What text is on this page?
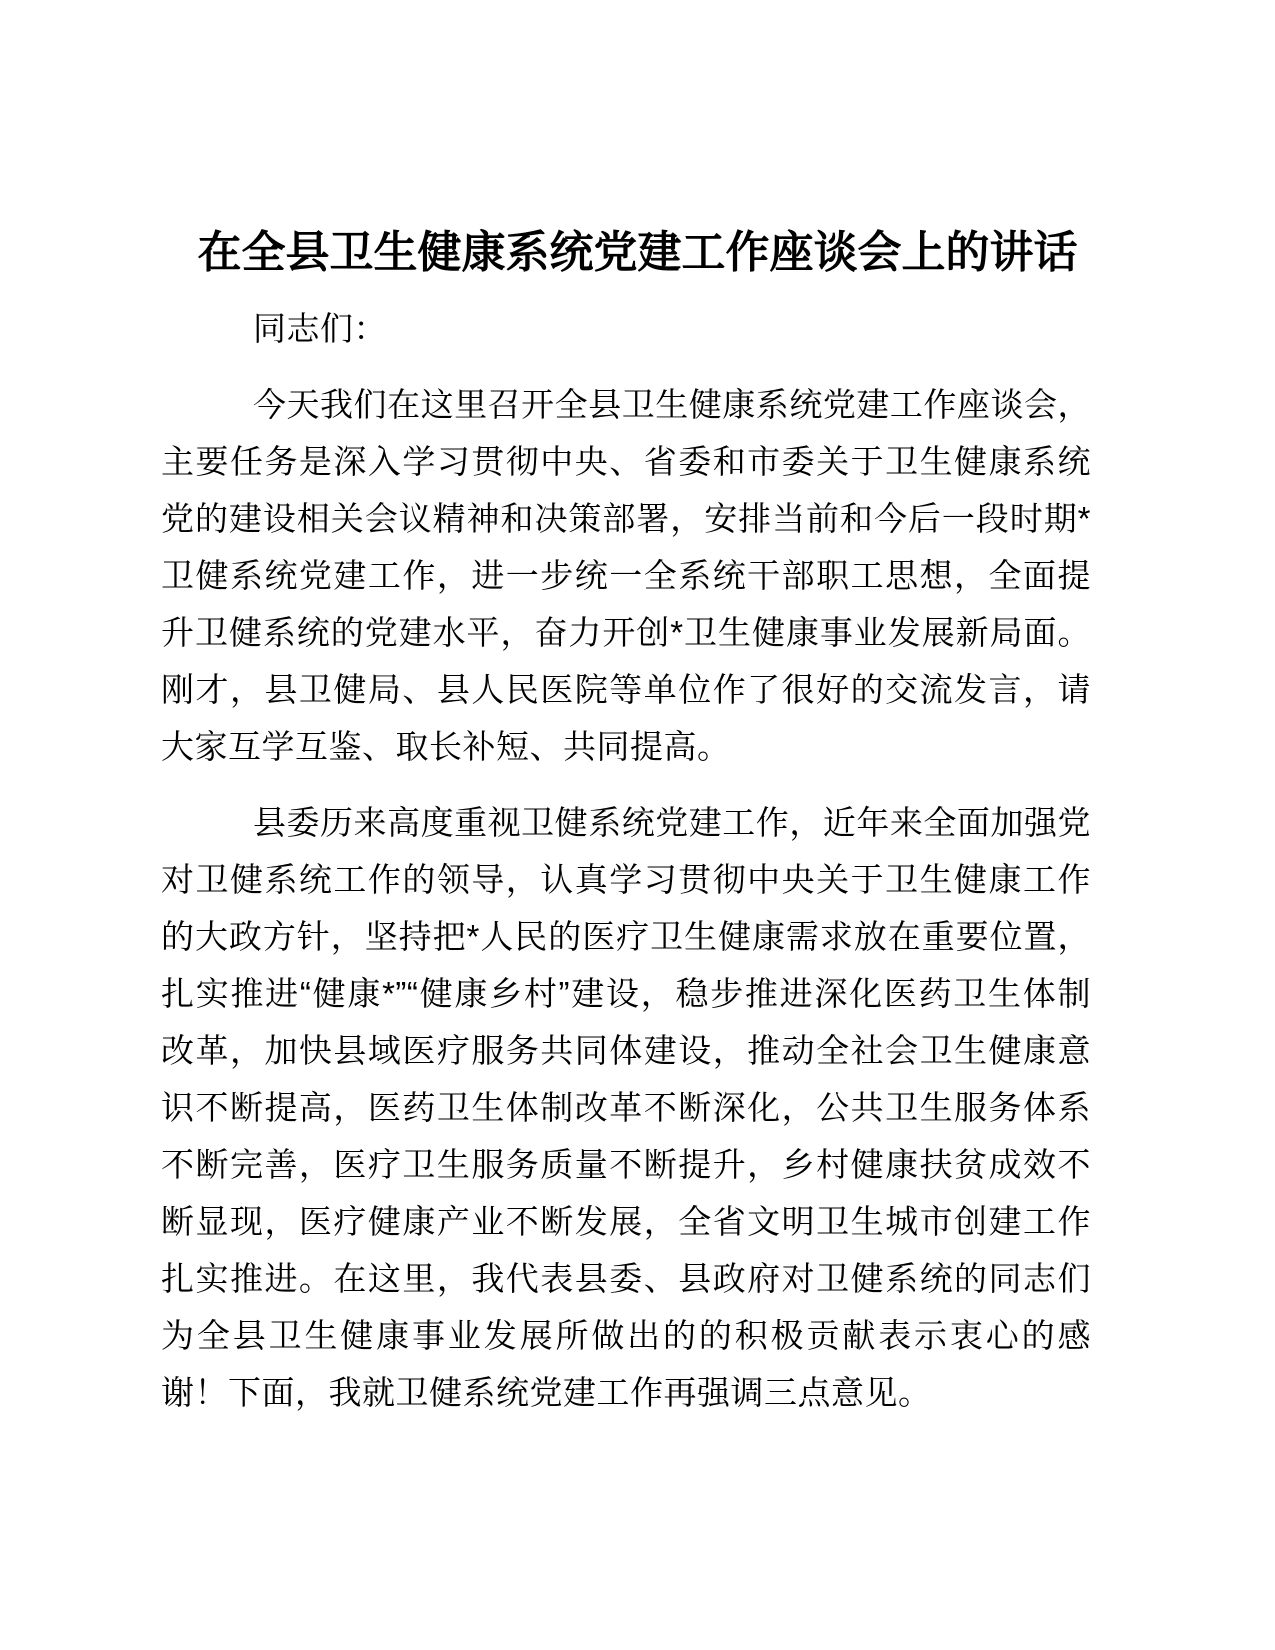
在全县卫生健康系统党建工作座谈会上的讲话

同志们：

今天我们在这里召开全县卫生健康系统党建工作座谈会，主要任务是深入学习贯彻中央、省委和市委关于卫生健康系统党的建设相关会议精神和决策部署，安排当前和今后一段时期*卫健系统党建工作，进一步统一全系统干部职工思想，全面提升卫健系统的党建水平，奋力开创*卫生健康事业发展新局面。刚才，县卫健局、县人民医院等单位作了很好的交流发言，请大家互学互鉴、取长补短、共同提高。

县委历来高度重视卫健系统党建工作，近年来全面加强党对卫健系统工作的领导，认真学习贯彻中央关于卫生健康工作的大政方针，坚持把*人民的医疗卫生健康需求放在重要位置，扎实推进“健康*”“健康乡村”建设，稳步推进深化医药卫生体制改革，加快县域医疗服务共同体建设，推动全社会卫生健康意识不断提高，医药卫生体制改革不断深化，公共卫生服务体系不断完善，医疗卫生服务质量不断提升，乡村健康扶贫成效不断显现，医疗健康产业不断发展，全省文明卫生城市创建工作扎实推进。在这里，我代表县委、县政府对卫健系统的同志们为全县卫生健康事业发展所做出的的积极贡献表示衷心的感谢！下面，我就卫健系统党建工作再强调三点意见。
